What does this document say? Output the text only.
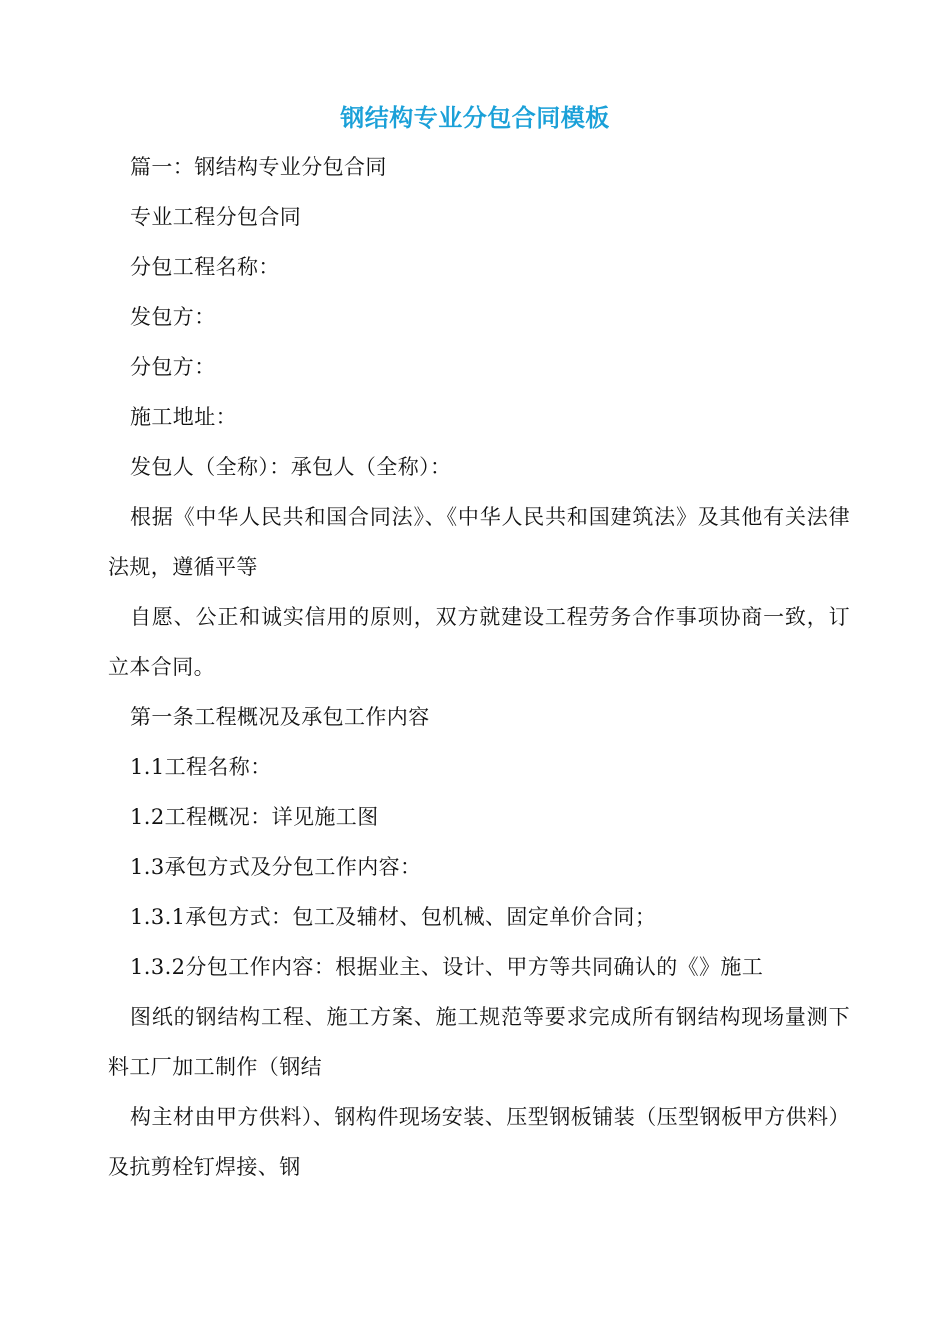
钢结构专业分包合同模板

篇一：钢结构专业分包合同

专业工程分包合同

分包工程名称：

发包方：

分包方：

施工地址：

发包人（全称）：承包人（全称）：

根据《中华人民共和国合同法》、《中华人民共和国建筑法》及其他有关法律法规，遵循平等

自愿、公正和诚实信用的原则，双方就建设工程劳务合作事项协商一致，订立本合同。

第一条工程概况及承包工作内容

1.1工程名称：

1.2工程概况：详见施工图

1.3承包方式及分包工作内容：

1.3.1承包方式：包工及辅材、包机械、固定单价合同；

1.3.2分包工作内容：根据业主、设计、甲方等共同确认的《》施工

图纸的钢结构工程、施工方案、施工规范等要求完成所有钢结构现场量测下料工厂加工制作（钢结

构主材由甲方供料）、钢构件现场安装、压型钢板铺装（压型钢板甲方供料）及抗剪栓钉焊接、钢
